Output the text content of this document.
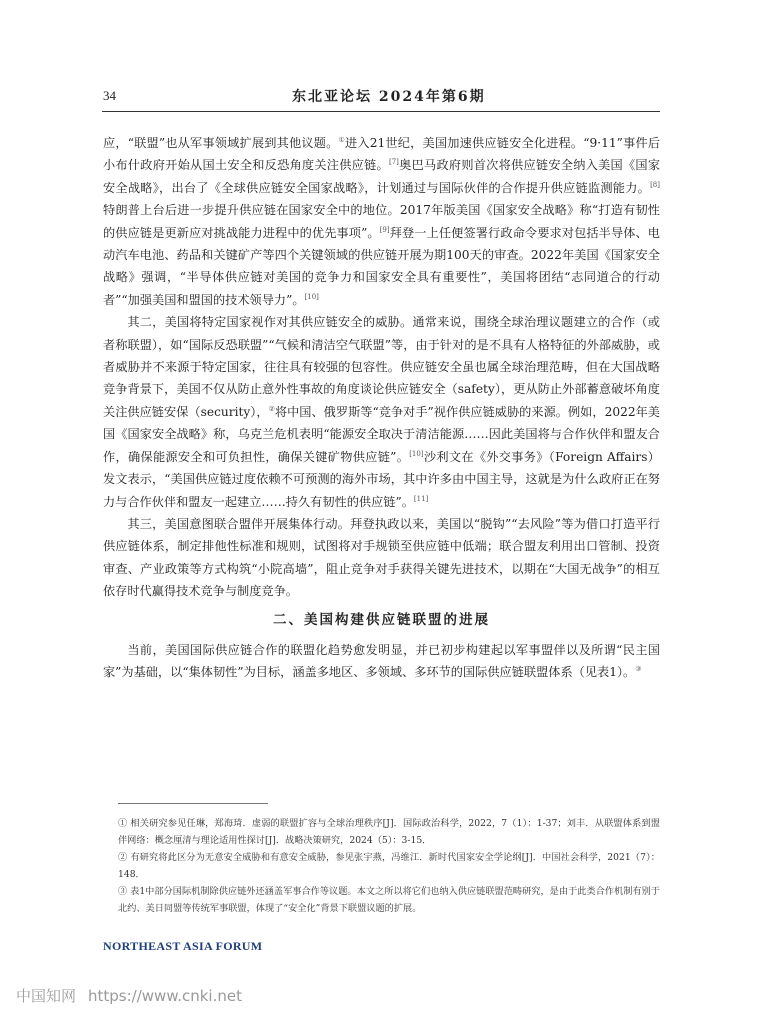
34	东北亚论坛 2024年第6期

应，“联盟”也从军事领域扩展到其他议题。①进入21世纪，美国加速供应链安全化进程。“9·11”事件后小布什政府开始从国土安全和反恐角度关注供应链。[7]奥巴马政府则首次将供应链安全纳入美国《国家安全战略》，出台了《全球供应链安全国家战略》，计划通过与国际伙伴的合作提升供应链监测能力。[8]特朗普上台后进一步提升供应链在国家安全中的地位。2017年版美国《国家安全战略》称“打造有韧性的供应链是更新应对挑战能力进程中的优先事项”。[9]拜登一上任便签署行政命令要求对包括半导体、电动汽车电池、药品和关键矿产等四个关键领域的供应链开展为期100天的审查。2022年美国《国家安全战略》强调，“半导体供应链对美国的竞争力和国家安全具有重要性”，美国将团结“志同道合的行动者”“加强美国和盟国的技术领导力”。[10]

其二，美国将特定国家视作对其供应链安全的威胁。通常来说，围绕全球治理议题建立的合作（或者称联盟），如“国际反恐联盟”“气候和清洁空气联盟”等，由于针对的是不具有人格特征的外部威胁，或者威胁并不来源于特定国家，往往具有较强的包容性。供应链安全虽也属全球治理范畴，但在大国战略竞争背景下，美国不仅从防止意外性事故的角度谈论供应链安全（safety），更从防止外部蓄意破坏角度关注供应链安保（security），②将中国、俄罗斯等“竞争对手”视作供应链威胁的来源。例如，2022年美国《国家安全战略》称，乌克兰危机表明“能源安全取决于清洁能源……因此美国将与合作伙伴和盟友合作，确保能源安全和可负担性，确保关键矿物供应链”。[10]沙利文在《外交事务》（Foreign Affairs）发文表示，“美国供应链过度依赖不可预测的海外市场，其中许多由中国主导，这就是为什么政府正在努力与合作伙伴和盟友一起建立……持久有韧性的供应链”。[11]

其三，美国意图联合盟伴开展集体行动。拜登执政以来，美国以“脱钩”“去风险”等为借口打造平行供应链体系，制定排他性标准和规则，试图将对手规锁至供应链中低端；联合盟友利用出口管制、投资审查、产业政策等方式构筑“小院高墙”，阻止竞争对手获得关键先进技术，以期在“大国无战争”的相互依存时代赢得技术竞争与制度竞争。

二、美国构建供应链联盟的进展

当前，美国国际供应链合作的联盟化趋势愈发明显，并已初步构建起以军事盟伴以及所谓“民主国家”为基础，以“集体韧性”为目标，涵盖多地区、多领域、多环节的国际供应链联盟体系（见表1）。③

① 相关研究参见任琳，郑海琦．虚弱的联盟扩容与全球治理秩序[J]．国际政治科学，2022，7（1）：1-37；刘丰．从联盟体系到盟伴网络：概念厘清与理论适用性探讨[J]．战略决策研究，2024（5）：3-15．

② 有研究将此区分为无意安全威胁和有意安全威胁，参见张宇燕，冯维江．新时代国家安全学论纲[J]．中国社会科学，2021（7）：148．

③ 表1中部分国际机制除供应链外还涵盖军事合作等议题。本文之所以将它们也纳入供应链联盟范畴研究，是由于此类合作机制有别于北约、美日同盟等传统军事联盟，体现了“安全化”背景下联盟议题的扩展。

NORTHEAST ASIA FORUM
中国知网 https://www.cnki.net
